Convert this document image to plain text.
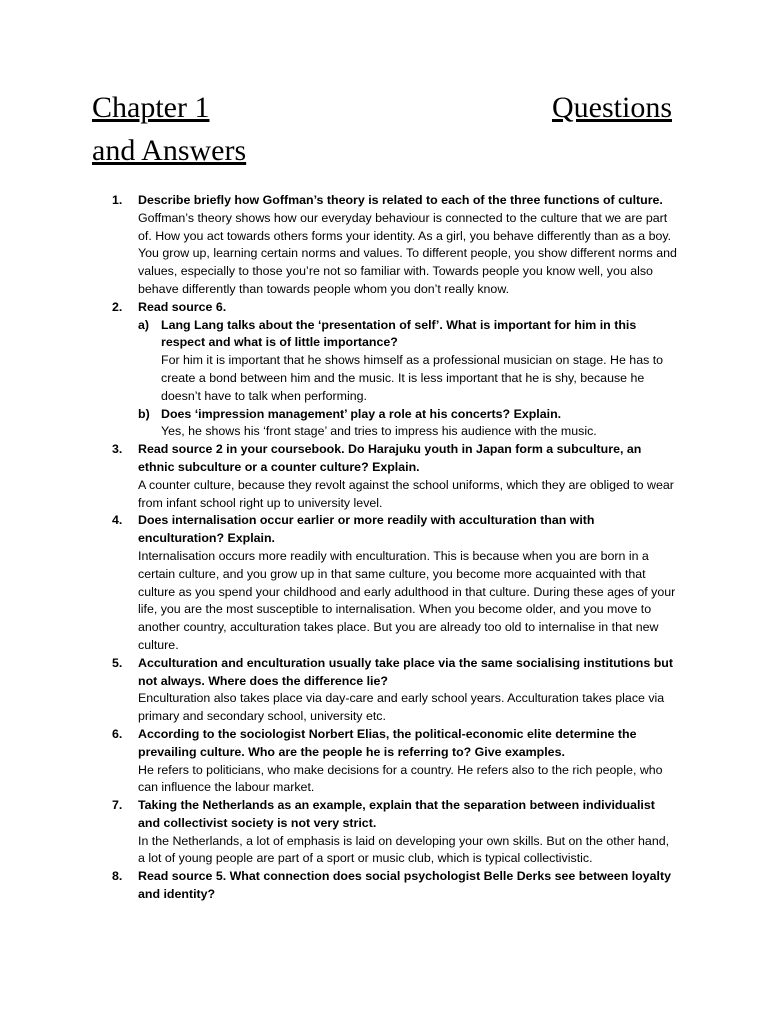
Chapter 1	Questions
and Answers
1. Describe briefly how Goffman’s theory is related to each of the three functions of culture.
Goffman’s theory shows how our everyday behaviour is connected to the culture that we are part of. How you act towards others forms your identity. As a girl, you behave differently than as a boy. You grow up, learning certain norms and values. To different people, you show different norms and values, especially to those you’re not so familiar with. Towards people you know well, you also behave differently than towards people whom you don’t really know.
2. Read source 6.
a) Lang Lang talks about the ‘presentation of self’. What is important for him in this respect and what is of little importance?
For him it is important that he shows himself as a professional musician on stage. He has to create a bond between him and the music. It is less important that he is shy, because he doesn’t have to talk when performing.
b) Does ‘impression management’ play a role at his concerts? Explain.
Yes, he shows his ‘front stage’ and tries to impress his audience with the music.
3. Read source 2 in your coursebook. Do Harajuku youth in Japan form a subculture, an ethnic subculture or a counter culture? Explain.
A counter culture, because they revolt against the school uniforms, which they are obliged to wear from infant school right up to university level.
4. Does internalisation occur earlier or more readily with acculturation than with enculturation? Explain.
Internalisation occurs more readily with enculturation. This is because when you are born in a certain culture, and you grow up in that same culture, you become more acquainted with that culture as you spend your childhood and early adulthood in that culture. During these ages of your life, you are the most susceptible to internalisation. When you become older, and you move to another country, acculturation takes place. But you are already too old to internalise in that new culture.
5. Acculturation and enculturation usually take place via the same socialising institutions but not always. Where does the difference lie?
Enculturation also takes place via day-care and early school years. Acculturation takes place via primary and secondary school, university etc.
6. According to the sociologist Norbert Elias, the political-economic elite determine the prevailing culture. Who are the people he is referring to? Give examples.
He refers to politicians, who make decisions for a country. He refers also to the rich people, who can influence the labour market.
7. Taking the Netherlands as an example, explain that the separation between individualist and collectivist society is not very strict.
In the Netherlands, a lot of emphasis is laid on developing your own skills. But on the other hand, a lot of young people are part of a sport or music club, which is typical collectivistic.
8. Read source 5. What connection does social psychologist Belle Derks see between loyalty and identity?
